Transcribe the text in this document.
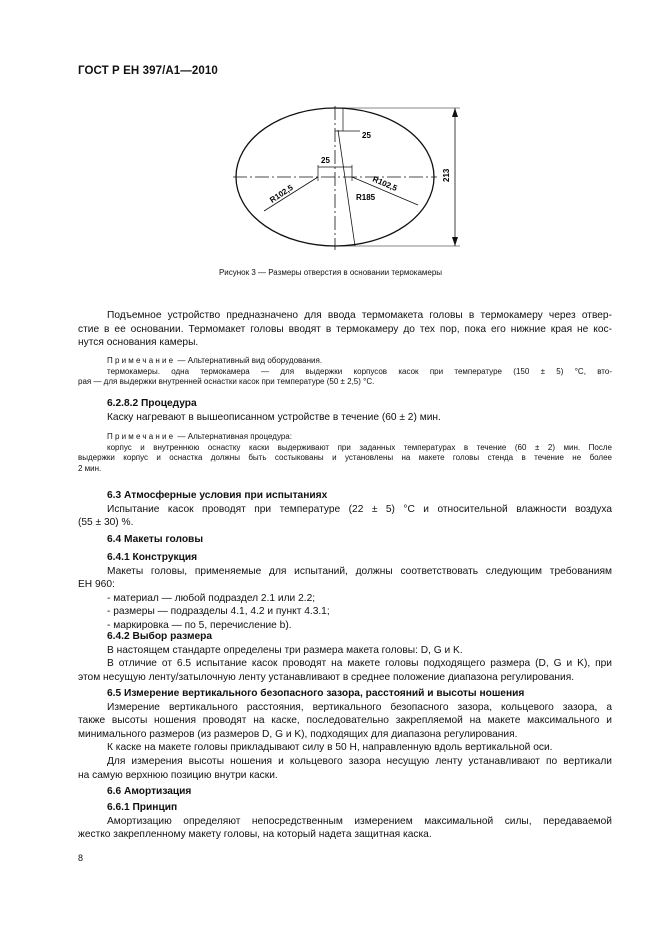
ГОСТ Р ЕН 397/А1—2010
25
25
213
R102,5	R102,5
R185
Рисунок 3 — Размеры отверстия в основании термокамеры

Подъемное устройство предназначено для ввода термомакета головы в термокамеру через отвер-

стие в ее основании. Термомакет головы вводят в термокамеру до тех пор, пока его нижние края не кос-

нутся основания камеры.

Примечание — Альтернативный вид оборудования.

термокамеры. одна термокамера — для выдержки корпусов касок при температуре (150 ± 5) °С, вто-

рая — для выдержки внутренней оснастки касок при температуре (50 ± 2,5) °С.

6.2.8.2 Процедура

Каску нагревают в вышеописанном устройстве в течение (60 ± 2) мин.

Примечание — Альтернативная процедура:

корпус и внутреннюю оснастку каски выдерживают при заданных температурах в течение (60 ± 2) мин. После

выдержки корпус и оснастка должны быть состыкованы и установлены на макете головы стенда в течение не более

2 мин.

6.3 Атмосферные условия при испытаниях

Испытание касок проводят при температуре (22 ± 5) °С и относительной влажности воздуха

(55 ± 30) %.

6.4 Макеты головы

6.4.1 Конструкция

Макеты головы, применяемые для испытаний, должны соответствовать следующим требованиям

ЕН 960:

- материал — любой подраздел 2.1 или 2.2;

- размеры — подразделы 4.1, 4.2 и пункт 4.3.1;

- маркировка — по 5, перечисление b).

6.4.2 Выбор размера

В настоящем стандарте определены три размера макета головы: D, G и K.

В отличие от 6.5 испытание касок проводят на макете головы подходящего размера (D, G и K), при

этом несущую ленту/затылочную ленту устанавливают в среднее положение диапазона регулирования.

6.5 Измерение вертикального безопасного зазора, расстояний и высоты ношения

Измерение вертикального расстояния, вертикального безопасного зазора, кольцевого зазора, а

также высоты ношения проводят на каске, последовательно закрепляемой на макете максимального и

минимального размеров (из размеров D, G и K), подходящих для диапазона регулирования.

К каске на макете головы прикладывают силу в 50 Н, направленную вдоль вертикальной оси.

Для измерения высоты ношения и кольцевого зазора несущую ленту устанавливают по вертикали

на самую верхнюю позицию внутри каски.

6.6 Амортизация

6.6.1 Принцип

Амортизацию определяют непосредственным измерением максимальной силы, передаваемой

жестко закрепленному макету головы, на который надета защитная каска.

8
